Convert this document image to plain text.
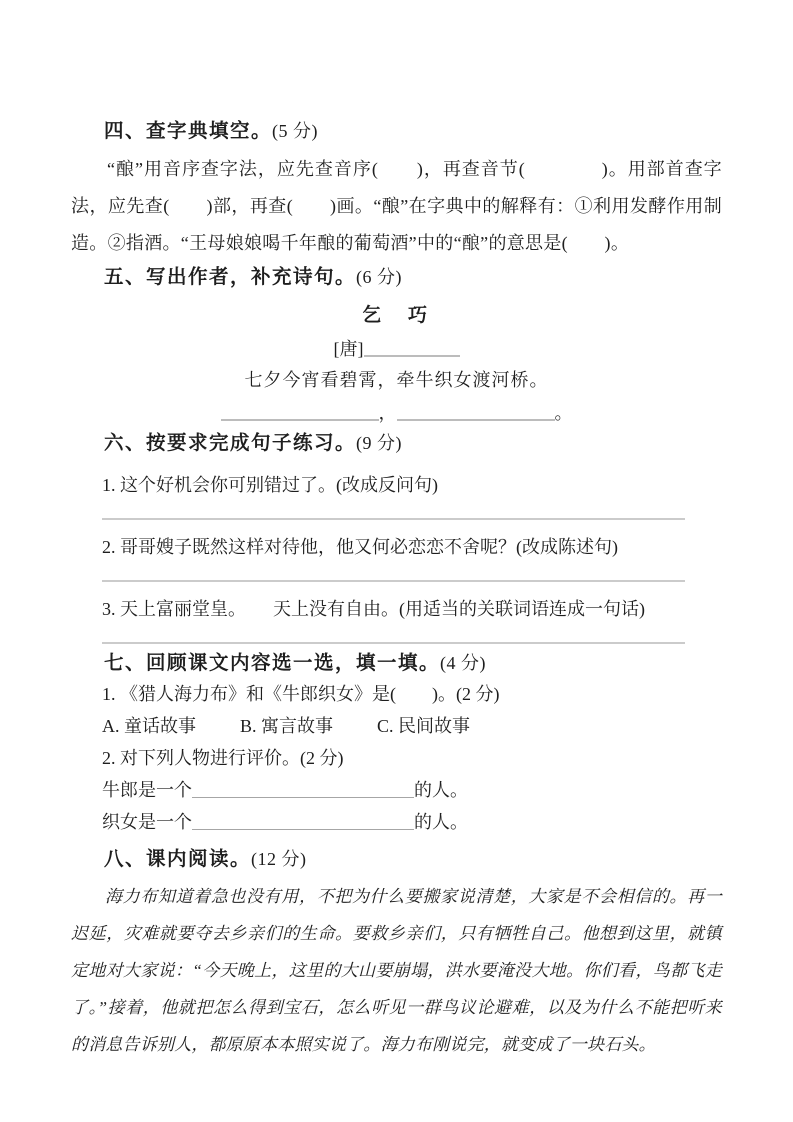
四、查字典填空。(5 分)

“酿”用音序查字法，应先查音序(　　)，再查音节(　　　　)。用部首查字法，应先查(　　)部，再查(　　)画。“酿”在字典中的解释有：①利用发酵作用制造。②指酒。“王母娘娘喝千年酿的葡萄酒”中的“酿”的意思是(　　)。

五、写出作者，补充诗句。(6 分)
乞　巧
[唐]
七夕今宵看碧霄，牵牛织女渡河桥。
，	。
六、按要求完成句子练习。(9 分)

1. 这个好机会你可别错过了。(改成反问句)

2. 哥哥嫂子既然这样对待他，他又何必恋恋不舍呢？(改成陈述句)

3. 天上富丽堂皇。　　天上没有自由。(用适当的关联词语连成一句话)

七、回顾课文内容选一选，填一填。(4 分)
1. 《猎人海力布》和《牛郎织女》是(　　)。(2 分)
A. 童话故事 B. 寓言故事 C. 民间故事
2. 对下列人物进行评价。(2 分)
牛郎是一个	的人。
织女是一个	的人。
八、课内阅读。(12 分)

海力布知道着急也没有用，不把为什么要搬家说清楚，大家是不会相信的。再一迟延，灾难就要夺去乡亲们的生命。要救乡亲们，只有牺牲自己。他想到这里，就镇定地对大家说：“今天晚上，这里的大山要崩塌，洪水要淹没大地。你们看，鸟都飞走了。”接着，他就把怎么得到宝石，怎么听见一群鸟议论避难，以及为什么不能把听来的消息告诉别人，都原原本本照实说了。海力布刚说完，就变成了一块石头。
